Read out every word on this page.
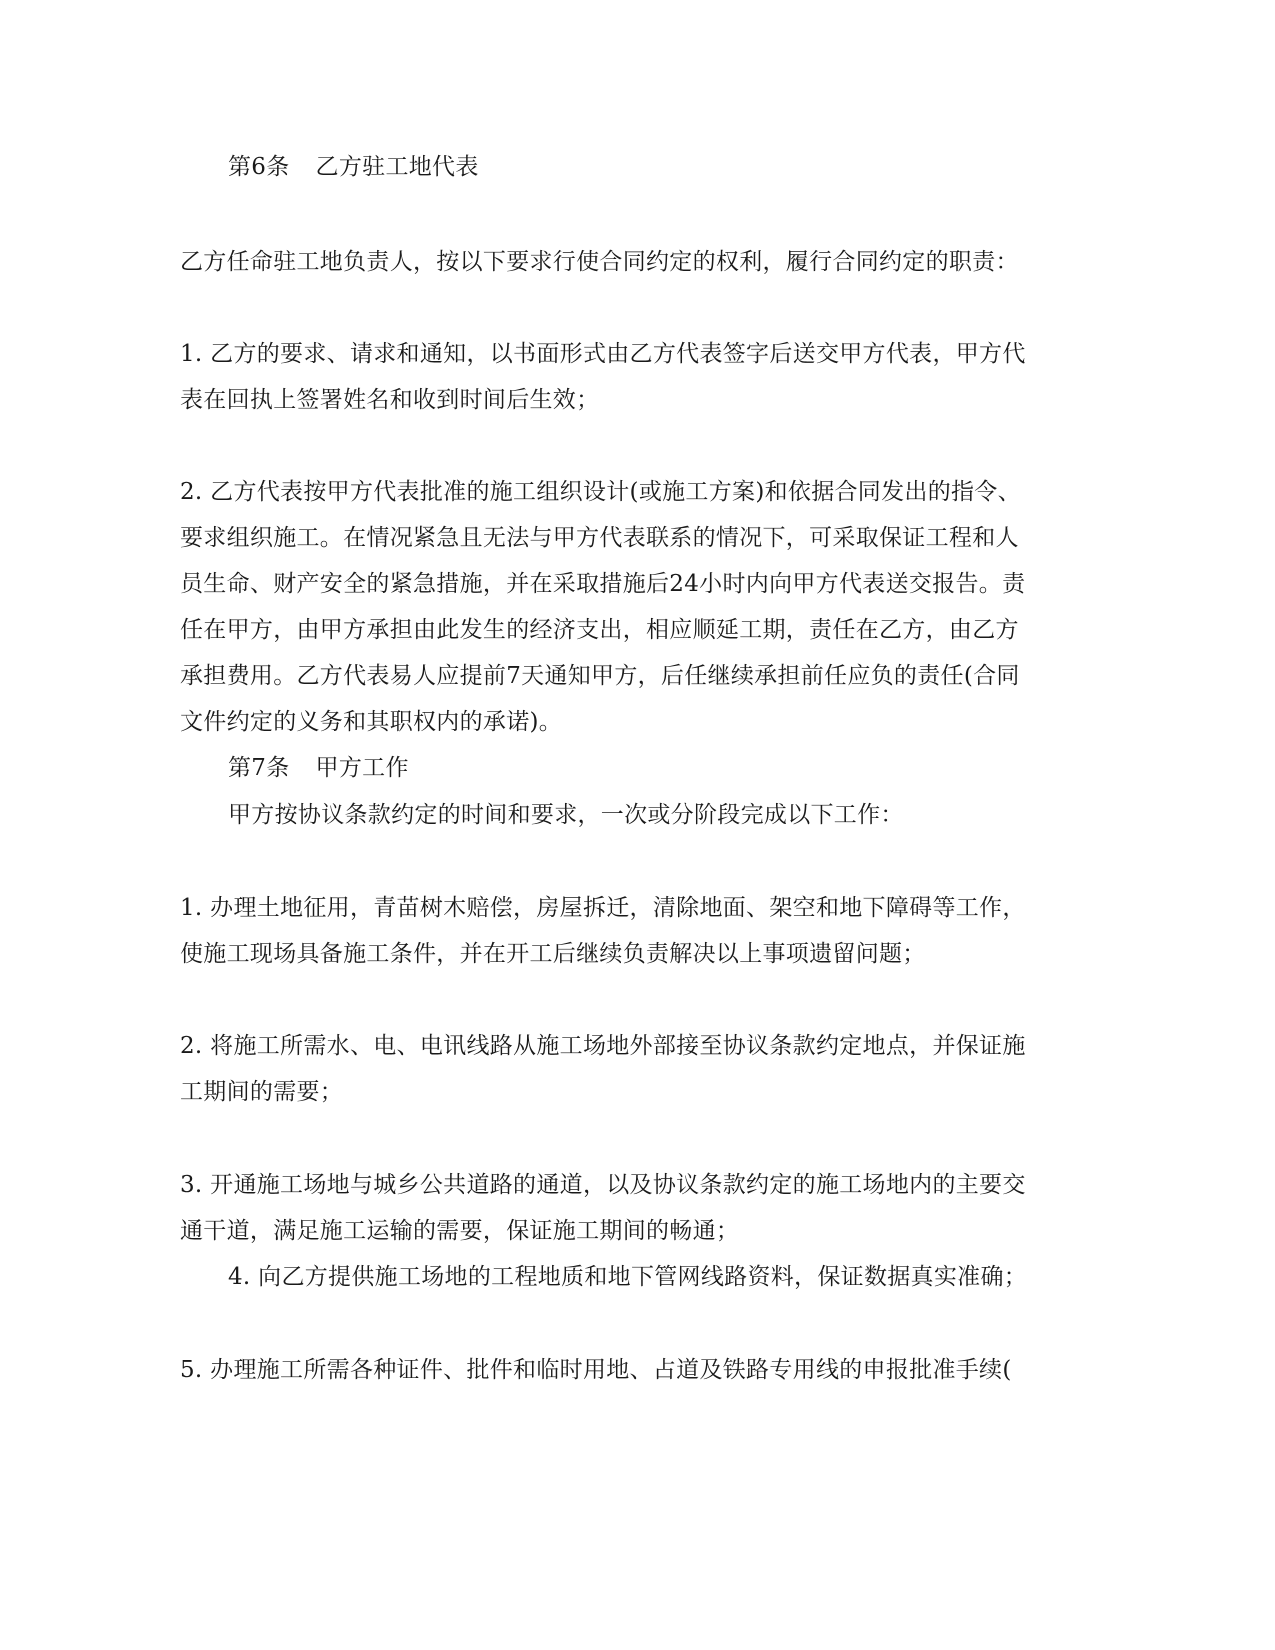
第6条 乙方驻工地代表
乙方任命驻工地负责人，按以下要求行使合同约定的权利，履行合同约定的职责：
1. 乙方的要求、请求和通知，以书面形式由乙方代表签字后送交甲方代表，甲方代
表在回执上签署姓名和收到时间后生效；
2. 乙方代表按甲方代表批准的施工组织设计(或施工方案)和依据合同发出的指令、
要求组织施工。在情况紧急且无法与甲方代表联系的情况下，可采取保证工程和人
员生命、财产安全的紧急措施，并在采取措施后24小时内向甲方代表送交报告。责
任在甲方，由甲方承担由此发生的经济支出，相应顺延工期，责任在乙方，由乙方
承担费用。乙方代表易人应提前7天通知甲方，后任继续承担前任应负的责任(合同
文件约定的义务和其职权内的承诺)。
第7条 甲方工作
甲方按协议条款约定的时间和要求，一次或分阶段完成以下工作：
1. 办理土地征用，青苗树木赔偿，房屋拆迁，清除地面、架空和地下障碍等工作，
使施工现场具备施工条件，并在开工后继续负责解决以上事项遗留问题；
2. 将施工所需水、电、电讯线路从施工场地外部接至协议条款约定地点，并保证施
工期间的需要；
3. 开通施工场地与城乡公共道路的通道，以及协议条款约定的施工场地内的主要交
通干道，满足施工运输的需要，保证施工期间的畅通；
4. 向乙方提供施工场地的工程地质和地下管网线路资料，保证数据真实准确；
5. 办理施工所需各种证件、批件和临时用地、占道及铁路专用线的申报批准手续(
